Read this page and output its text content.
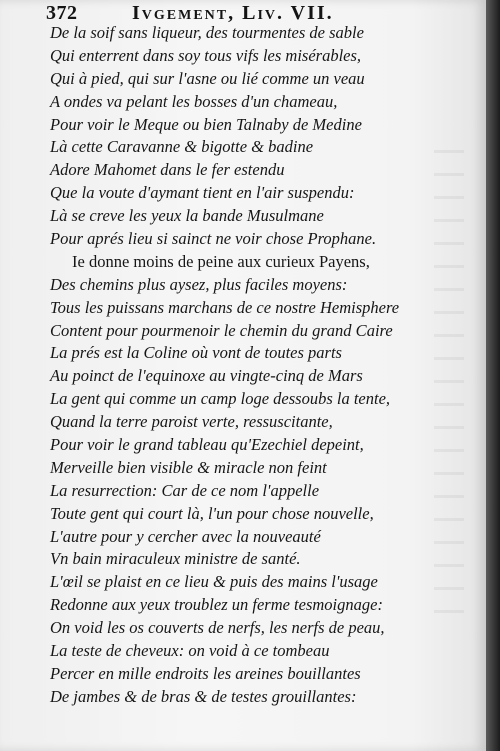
372	Ivgement, Liv. VII.
De la soif sans liqueur, des tourmentes de sable
Qui enterrent dans soy tous vifs les misérables,
Qui à pied, qui sur l'asne ou lié comme un veau
A ondes va pelant les bosses d'un chameau,
Pour voir le Meque ou bien Talnaby de Medine
Là cette Caravanne & bigotte & badine
Adore Mahomet dans le fer estendu
Que la voute d'aymant tient en l'air suspendu:
Là se creve les yeux la bande Musulmane
Pour aprés lieu si sainct ne voir chose Prophane.
Ie donne moins de peine aux curieux Payens,
Des chemins plus aysez, plus faciles moyens:
Tous les puissans marchans de ce nostre Hemisphere
Content pour pourmenoir le chemin du grand Caire
La prés est la Coline où vont de toutes parts
Au poinct de l'equinoxe au vingte-cinq de Mars
La gent qui comme un camp loge dessoubs la tente,
Quand la terre paroist verte, ressuscitante,
Pour voir le grand tableau qu'Ezechiel depeint,
Merveille bien visible & miracle non feint
La resurrection: Car de ce nom l'appelle
Toute gent qui court là, l'un pour chose nouvelle,
L'autre pour y cercher avec la nouveauté
Vn bain miraculeux ministre de santé.
L'œil se plaist en ce lieu & puis des mains l'usage
Redonne aux yeux troublez un ferme tesmoignage:
On void les os couverts de nerfs, les nerfs de peau,
La teste de cheveux: on void à ce tombeau
Percer en mille endroits les areines bouillantes
De jambes & de bras & de testes grouillantes:
